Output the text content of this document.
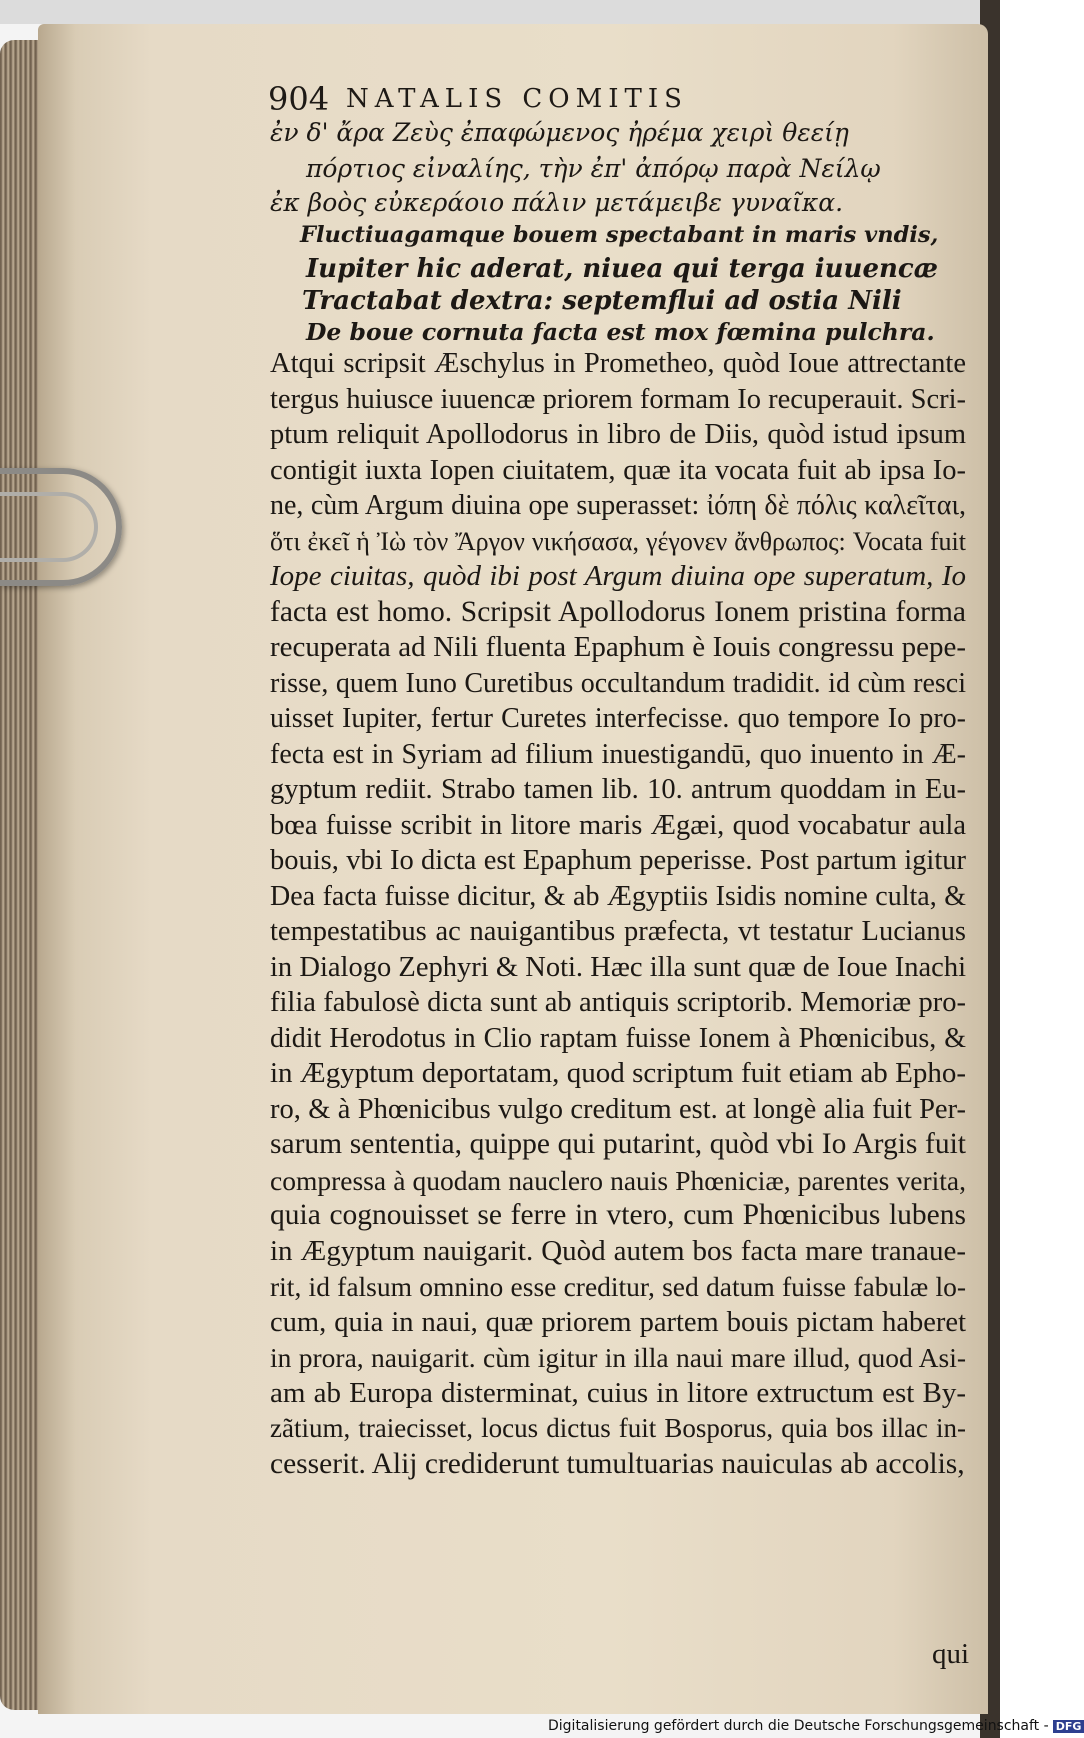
904 NATALIS COMITIS
ἐν δ' ἄρα Ζεὺς ἐπαφώμενος ἠρέμα χειρὶ θεείῃ
πόρτιος εἰναλίης, τὴν ἐπ' ἀπόρῳ παρὰ Νείλῳ
ἐκ βοὸς εὐκεράοιο πάλιν μετάμειβε γυναῖκα.
Fluctiuagamque bouem spectabant in maris vndis,
Iupiter hic aderat, niuea qui terga iuuencæ
Tractabat dextra: septemflui ad ostia Nili
De boue cornuta facta est mox fœmina pulchra.
Atqui scripsit Æschylus in Prometheo, quòd Ioue attrectante
tergus huiusce iuuencæ priorem formam Io recuperauit. Scri-
ptum reliquit Apollodorus in libro de Diis, quòd istud ipsum
contigit iuxta Iopen ciuitatem, quæ ita vocata fuit ab ipsa Io-
ne, cùm Argum diuina ope superasset: ἰόπη δὲ πόλις καλεῖται,
ὅτι ἐκεῖ ἡ Ἰὼ τὸν Ἄργον νικήσασα, γέγονεν ἄνθρωπος: Vocata fuit
Iope ciuitas, quòd ibi post Argum diuina ope superatum, Io
facta est homo. Scripsit Apollodorus Ionem pristina forma
recuperata ad Nili fluenta Epaphum è Iouis congressu pepe-
risse, quem Iuno Curetibus occultandum tradidit. id cùm resci
uisset Iupiter, fertur Curetes interfecisse. quo tempore Io pro-
fecta est in Syriam ad filium inuestigandū, quo inuento in Æ-
gyptum rediit. Strabo tamen lib. 10. antrum quoddam in Eu-
bœa fuisse scribit in litore maris Ægæi, quod vocabatur aula
bouis, vbi Io dicta est Epaphum peperisse. Post partum igitur
Dea facta fuisse dicitur, & ab Ægyptiis Isidis nomine culta, &
tempestatibus ac nauigantibus præfecta, vt testatur Lucianus
in Dialogo Zephyri & Noti. Hæc illa sunt quæ de Ioue Inachi
filia fabulosè dicta sunt ab antiquis scriptorib. Memoriæ pro-
didit Herodotus in Clio raptam fuisse Ionem à Phœnicibus, &
in Ægyptum deportatam, quod scriptum fuit etiam ab Epho-
ro, & à Phœnicibus vulgo creditum est. at longè alia fuit Per-
sarum sententia, quippe qui putarint, quòd vbi Io Argis fuit
compressa à quodam nauclero nauis Phœniciæ, parentes verita,
quia cognouisset se ferre in vtero, cum Phœnicibus lubens
in Ægyptum nauigarit. Quòd autem bos facta mare tranaue-
rit, id falsum omnino esse creditur, sed datum fuisse fabulæ lo-
cum, quia in naui, quæ priorem partem bouis pictam haberet
in prora, nauigarit. cùm igitur in illa naui mare illud, quod Asi-
am ab Europa disterminat, cuius in litore extructum est By-
zãtium, traiecisset, locus dictus fuit Bosporus, quia bos illac in-
cesserit. Alij crediderunt tumultuarias nauiculas ab accolis,
qui
Digitalisierung gefördert durch die Deutsche Forschungsgemeinschaft - DFG
